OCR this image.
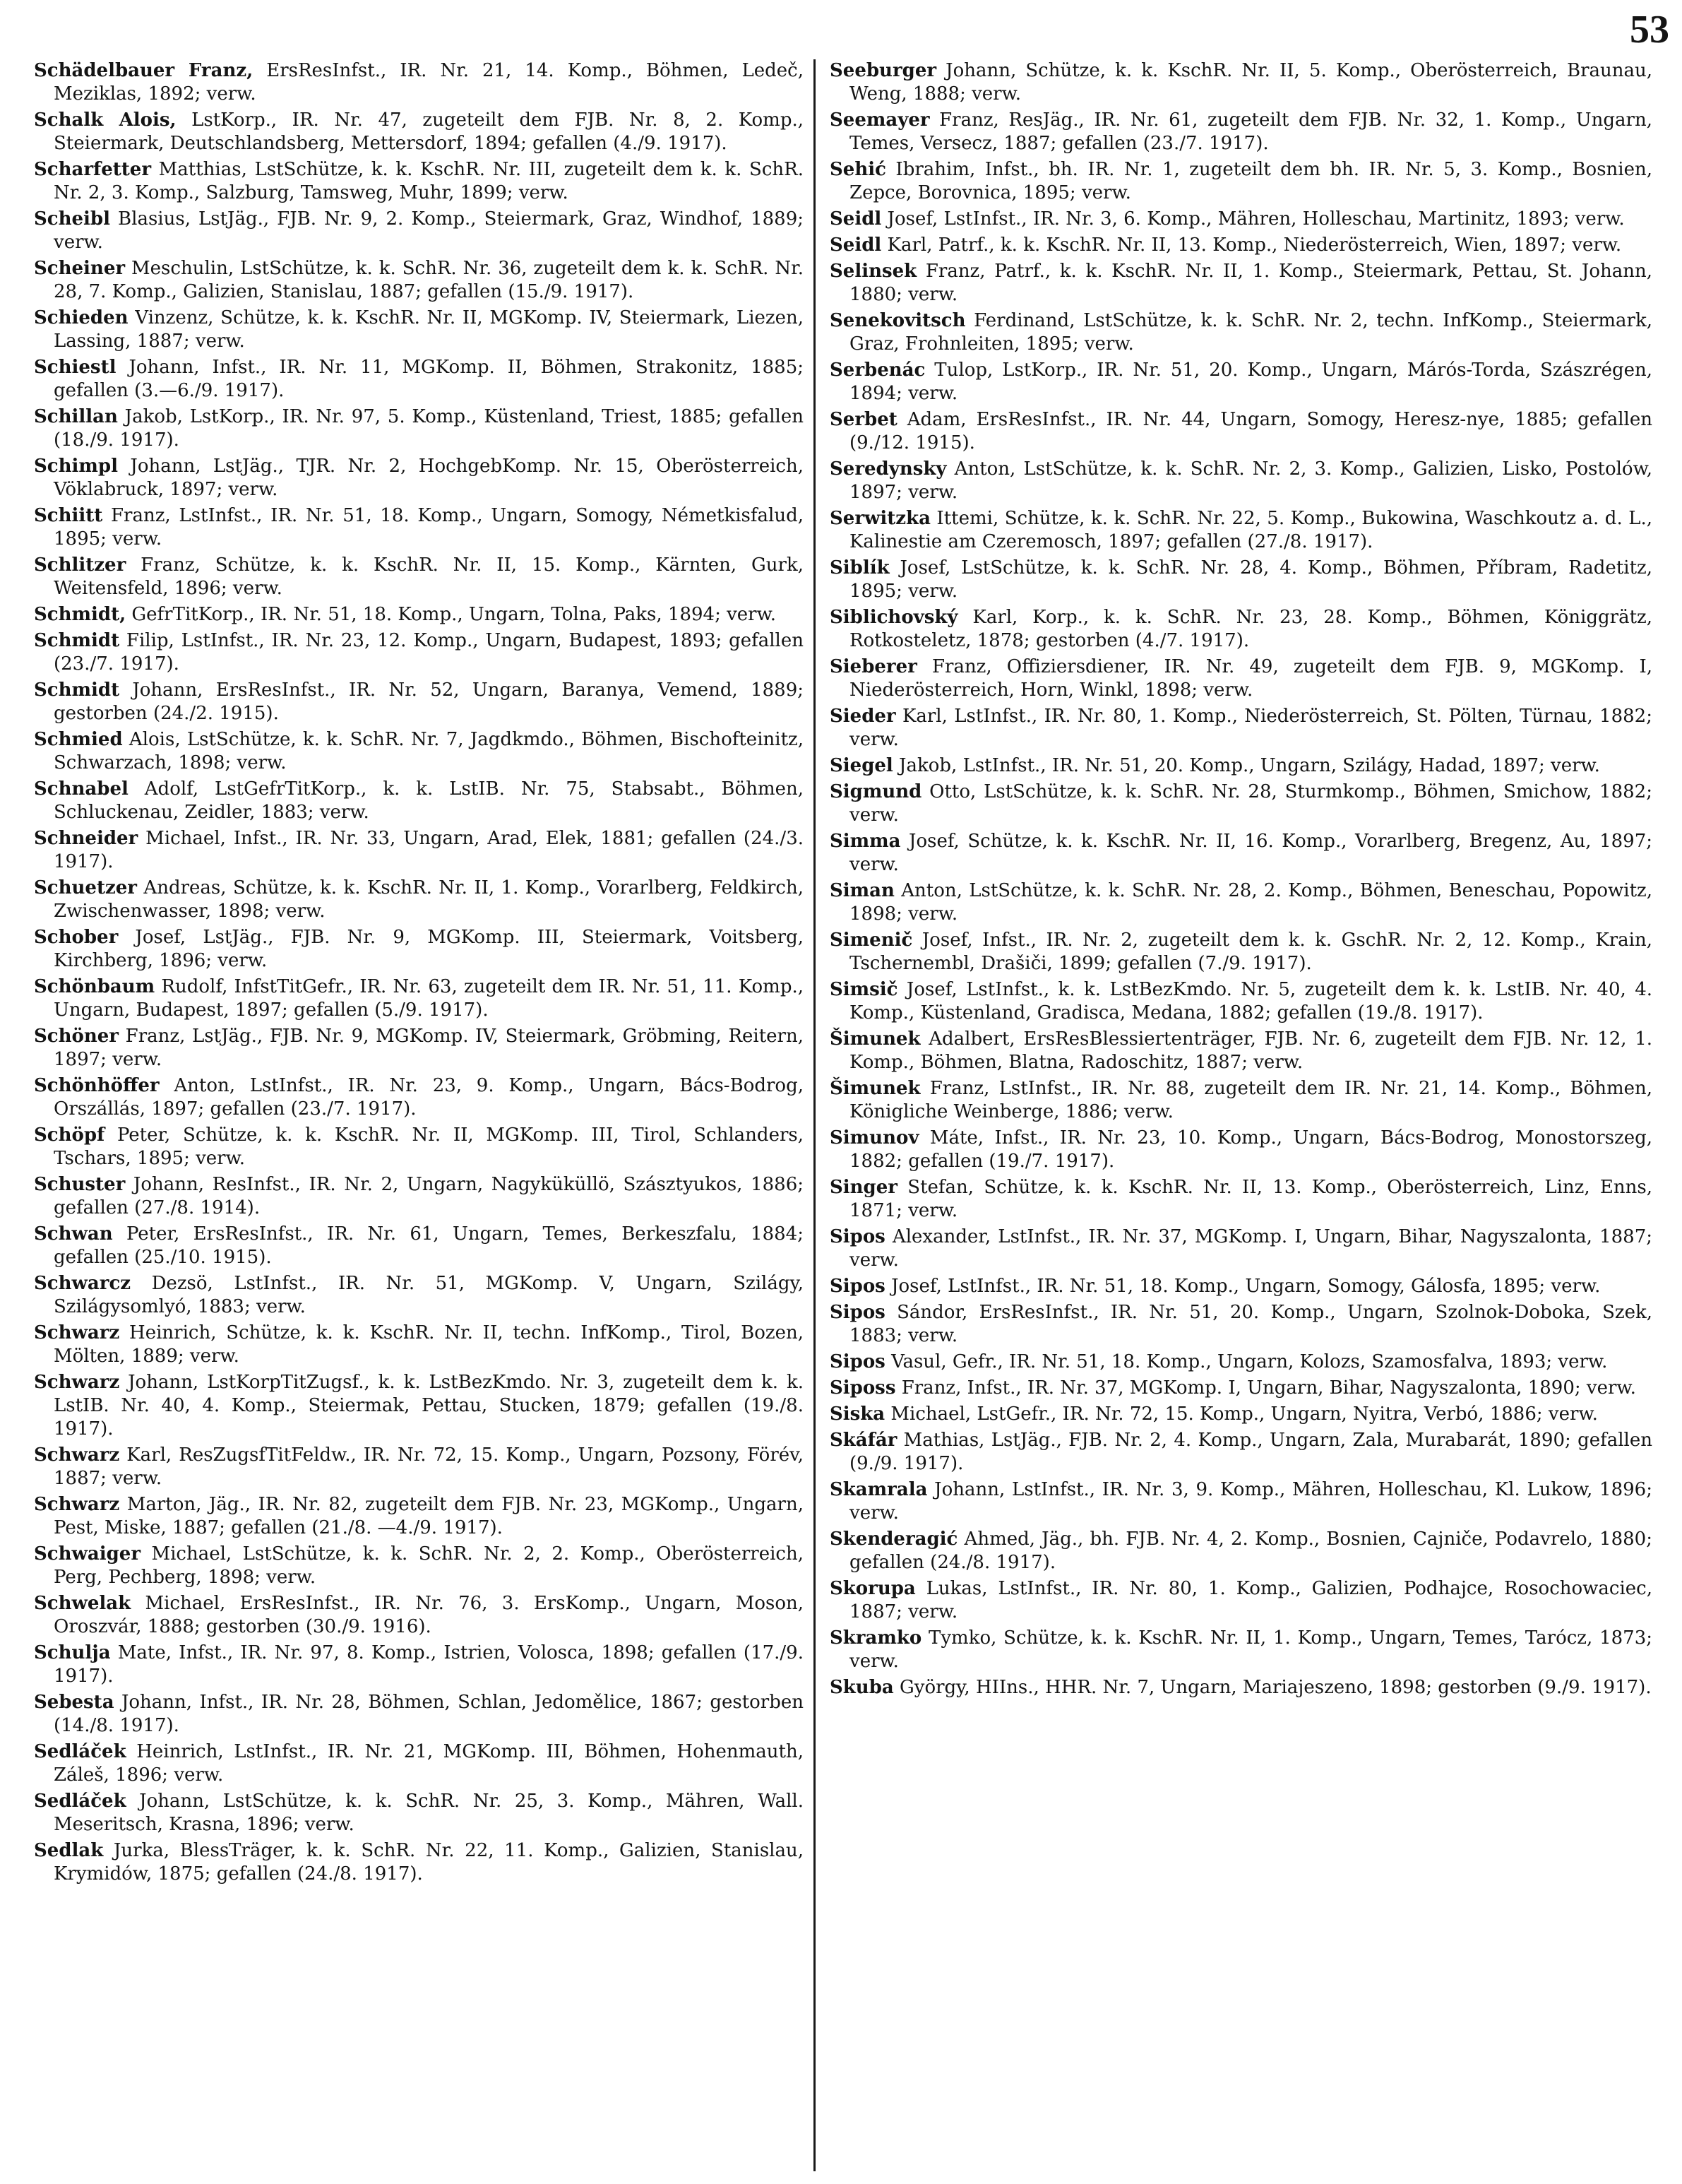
53
Schädelbauer Franz, ErsResInfst., IR. Nr. 21, 14. Komp., Böhmen, Ledeč, Meziklas, 1892; verw.
Schalk Alois, LstKorp., IR. Nr. 47, zugeteilt dem FJB. Nr. 8, 2. Komp., Steiermark, Deutschlandsberg, Mettersdorf, 1894; gefallen (4./9. 1917).
Scharfetter Matthias, LstSchütze, k. k. KschR. Nr. III, zugeteilt dem k. k. SchR. Nr. 2, 3. Komp., Salzburg, Tamsweg, Muhr, 1899; verw.
Scheibl Blasius, LstJäg., FJB. Nr. 9, 2. Komp., Steiermark, Graz, Windhof, 1889; verw.
Scheiner Meschulin, LstSchütze, k. k. SchR. Nr. 36, zugeteilt dem k. k. SchR. Nr. 28, 7. Komp., Galizien, Stanislau, 1887; gefallen (15./9. 1917).
Schieden Vinzenz, Schütze, k. k. KschR. Nr. II, MGKomp. IV, Steiermark, Liezen, Lassing, 1887; verw.
Schiestl Johann, Infst., IR. Nr. 11, MGKomp. II, Böhmen, Strakonitz, 1885; gefallen (3.—6./9. 1917).
Schillan Jakob, LstKorp., IR. Nr. 97, 5. Komp., Küstenland, Triest, 1885; gefallen (18./9. 1917).
Schimpl Johann, LstJäg., TJR. Nr. 2, HochgebKomp. Nr. 15, Oberösterreich, Vöklabruck, 1897; verw.
Schiitt Franz, LstInfst., IR. Nr. 51, 18. Komp., Ungarn, Somogy, Németkisfalud, 1895; verw.
Schlitzer Franz, Schütze, k. k. KschR. Nr. II, 15. Komp., Kärnten, Gurk, Weitensfeld, 1896; verw.
Schmidt, GefrTitKorp., IR. Nr. 51, 18. Komp., Ungarn, Tolna, Paks, 1894; verw.
Schmidt Filip, LstInfst., IR. Nr. 23, 12. Komp., Ungarn, Budapest, 1893; gefallen (23./7. 1917).
Schmidt Johann, ErsResInfst., IR. Nr. 52, Ungarn, Baranya, Vemend, 1889; gestorben (24./2. 1915).
Schmied Alois, LstSchütze, k. k. SchR. Nr. 7, Jagdkmdo., Böhmen, Bischofteinitz, Schwarzach, 1898; verw.
Schnabel Adolf, LstGefrTitKorp., k. k. LstIB. Nr. 75, Stabsabt., Böhmen, Schluckenau, Zeidler, 1883; verw.
Schneider Michael, Infst., IR. Nr. 33, Ungarn, Arad, Elek, 1881; gefallen (24./3. 1917).
Schuetzer Andreas, Schütze, k. k. KschR. Nr. II, 1. Komp., Vorarlberg, Feldkirch, Zwischenwasser, 1898; verw.
Schober Josef, LstJäg., FJB. Nr. 9, MGKomp. III, Steiermark, Voitsberg, Kirchberg, 1896; verw.
Schönbaum Rudolf, InfstTitGefr., IR. Nr. 63, zugeteilt dem IR. Nr. 51, 11. Komp., Ungarn, Budapest, 1897; gefallen (5./9. 1917).
Schöner Franz, LstJäg., FJB. Nr. 9, MGKomp. IV, Steiermark, Gröbming, Reitern, 1897; verw.
Schönhöffer Anton, LstInfst., IR. Nr. 23, 9. Komp., Ungarn, Bács-Bodrog, Orszállás, 1897; gefallen (23./7. 1917).
Schöpf Peter, Schütze, k. k. KschR. Nr. II, MGKomp. III, Tirol, Schlanders, Tschars, 1895; verw.
Schuster Johann, ResInfst., IR. Nr. 2, Ungarn, Nagyküküllö, Szásztyukos, 1886; gefallen (27./8. 1914).
Schwan Peter, ErsResInfst., IR. Nr. 61, Ungarn, Temes, Berkeszfalu, 1884; gefallen (25./10. 1915).
Schwarcz Dezsö, LstInfst., IR. Nr. 51, MGKomp. V, Ungarn, Szilágy, Szilágysomlyó, 1883; verw.
Schwarz Heinrich, Schütze, k. k. KschR. Nr. II, techn. InfKomp., Tirol, Bozen, Mölten, 1889; verw.
Schwarz Johann, LstKorpTitZugsf., k. k. LstBezKmdo. Nr. 3, zugeteilt dem k. k. LstIB. Nr. 40, 4. Komp., Steiermak, Pettau, Stucken, 1879; gefallen (19./8. 1917).
Schwarz Karl, ResZugsfTitFeldw., IR. Nr. 72, 15. Komp., Ungarn, Pozsony, Förév, 1887; verw.
Schwarz Marton, Jäg., IR. Nr. 82, zugeteilt dem FJB. Nr. 23, MGKomp., Ungarn, Pest, Miske, 1887; gefallen (21./8. —4./9. 1917).
Schwaiger Michael, LstSchütze, k. k. SchR. Nr. 2, 2. Komp., Oberösterreich, Perg, Pechberg, 1898; verw.
Schwelak Michael, ErsResInfst., IR. Nr. 76, 3. ErsKomp., Ungarn, Moson, Oroszvár, 1888; gestorben (30./9. 1916).
Schulja Mate, Infst., IR. Nr. 97, 8. Komp., Istrien, Volosca, 1898; gefallen (17./9. 1917).
Sebesta Johann, Infst., IR. Nr. 28, Böhmen, Schlan, Jedomělice, 1867; gestorben (14./8. 1917).
Sedláček Heinrich, LstInfst., IR. Nr. 21, MGKomp. III, Böhmen, Hohenmauth, Záleš, 1896; verw.
Sedláček Johann, LstSchütze, k. k. SchR. Nr. 25, 3. Komp., Mähren, Wall. Meseritsch, Krasna, 1896; verw.
Sedlak Jurka, BlessTräger, k. k. SchR. Nr. 22, 11. Komp., Galizien, Stanislau, Krymidów, 1875; gefallen (24./8. 1917).
Seeburger Johann, Schütze, k. k. KschR. Nr. II, 5. Komp., Oberösterreich, Braunau, Weng, 1888; verw.
Seemayer Franz, ResJäg., IR. Nr. 61, zugeteilt dem FJB. Nr. 32, 1. Komp., Ungarn, Temes, Versecz, 1887; gefallen (23./7. 1917).
Sehić Ibrahim, Infst., bh. IR. Nr. 1, zugeteilt dem bh. IR. Nr. 5, 3. Komp., Bosnien, Zepce, Borovnica, 1895; verw.
Seidl Josef, LstInfst., IR. Nr. 3, 6. Komp., Mähren, Holleschau, Martinitz, 1893; verw.
Seidl Karl, Patrf., k. k. KschR. Nr. II, 13. Komp., Niederösterreich, Wien, 1897; verw.
Selinsek Franz, Patrf., k. k. KschR. Nr. II, 1. Komp., Steiermark, Pettau, St. Johann, 1880; verw.
Senekovitsch Ferdinand, LstSchütze, k. k. SchR. Nr. 2, techn. InfKomp., Steiermark, Graz, Frohnleiten, 1895; verw.
Serbenác Tulop, LstKorp., IR. Nr. 51, 20. Komp., Ungarn, Márós-Torda, Szászrégen, 1894; verw.
Serbet Adam, ErsResInfst., IR. Nr. 44, Ungarn, Somogy, Heresz-nye, 1885; gefallen (9./12. 1915).
Seredynsky Anton, LstSchütze, k. k. SchR. Nr. 2, 3. Komp., Galizien, Lisko, Postolów, 1897; verw.
Serwitzka Ittemi, Schütze, k. k. SchR. Nr. 22, 5. Komp., Bukowina, Waschkoutz a. d. L., Kalinestie am Czeremosch, 1897; gefallen (27./8. 1917).
Siblík Josef, LstSchütze, k. k. SchR. Nr. 28, 4. Komp., Böhmen, Příbram, Radetitz, 1895; verw.
Siblichovský Karl, Korp., k. k. SchR. Nr. 23, 28. Komp., Böhmen, Königgrätz, Rotkosteletz, 1878; gestorben (4./7. 1917).
Sieberer Franz, Offiziersdiener, IR. Nr. 49, zugeteilt dem FJB. 9, MGKomp. I, Niederösterreich, Horn, Winkl, 1898; verw.
Sieder Karl, LstInfst., IR. Nr. 80, 1. Komp., Niederösterreich, St. Pölten, Türnau, 1882; verw.
Siegel Jakob, LstInfst., IR. Nr. 51, 20. Komp., Ungarn, Szilágy, Hadad, 1897; verw.
Sigmund Otto, LstSchütze, k. k. SchR. Nr. 28, Sturmkomp., Böhmen, Smichow, 1882; verw.
Simma Josef, Schütze, k. k. KschR. Nr. II, 16. Komp., Vorarlberg, Bregenz, Au, 1897; verw.
Siman Anton, LstSchütze, k. k. SchR. Nr. 28, 2. Komp., Böhmen, Beneschau, Popowitz, 1898; verw.
Simenič Josef, Infst., IR. Nr. 2, zugeteilt dem k. k. GschR. Nr. 2, 12. Komp., Krain, Tschernembl, Drašiči, 1899; gefallen (7./9. 1917).
Simsič Josef, LstInfst., k. k. LstBezKmdo. Nr. 5, zugeteilt dem k. k. LstIB. Nr. 40, 4. Komp., Küstenland, Gradisca, Medana, 1882; gefallen (19./8. 1917).
Šimunek Adalbert, ErsResBlessiertenträger, FJB. Nr. 6, zugeteilt dem FJB. Nr. 12, 1. Komp., Böhmen, Blatna, Radoschitz, 1887; verw.
Šimunek Franz, LstInfst., IR. Nr. 88, zugeteilt dem IR. Nr. 21, 14. Komp., Böhmen, Königliche Weinberge, 1886; verw.
Simunov Máte, Infst., IR. Nr. 23, 10. Komp., Ungarn, Bács-Bodrog, Monostorszeg, 1882; gefallen (19./7. 1917).
Singer Stefan, Schütze, k. k. KschR. Nr. II, 13. Komp., Oberösterreich, Linz, Enns, 1871; verw.
Sipos Alexander, LstInfst., IR. Nr. 37, MGKomp. I, Ungarn, Bihar, Nagyszalonta, 1887; verw.
Sipos Josef, LstInfst., IR. Nr. 51, 18. Komp., Ungarn, Somogy, Gálosfa, 1895; verw.
Sipos Sándor, ErsResInfst., IR. Nr. 51, 20. Komp., Ungarn, Szolnok-Doboka, Szek, 1883; verw.
Sipos Vasul, Gefr., IR. Nr. 51, 18. Komp., Ungarn, Kolozs, Szamosfalva, 1893; verw.
Siposs Franz, Infst., IR. Nr. 37, MGKomp. I, Ungarn, Bihar, Nagyszalonta, 1890; verw.
Siska Michael, LstGefr., IR. Nr. 72, 15. Komp., Ungarn, Nyitra, Verbó, 1886; verw.
Skáfár Mathias, LstJäg., FJB. Nr. 2, 4. Komp., Ungarn, Zala, Murabarát, 1890; gefallen (9./9. 1917).
Skamrala Johann, LstInfst., IR. Nr. 3, 9. Komp., Mähren, Holleschau, Kl. Lukow, 1896; verw.
Skenderagić Ahmed, Jäg., bh. FJB. Nr. 4, 2. Komp., Bosnien, Cajniče, Podavrelo, 1880; gefallen (24./8. 1917).
Skorupa Lukas, LstInfst., IR. Nr. 80, 1. Komp., Galizien, Podhajce, Rosochowaciec, 1887; verw.
Skramko Tymko, Schütze, k. k. KschR. Nr. II, 1. Komp., Ungarn, Temes, Tarócz, 1873; verw.
Skuba György, HIIns., HHR. Nr. 7, Ungarn, Mariajeszeno, 1898; gestorben (9./9. 1917).
